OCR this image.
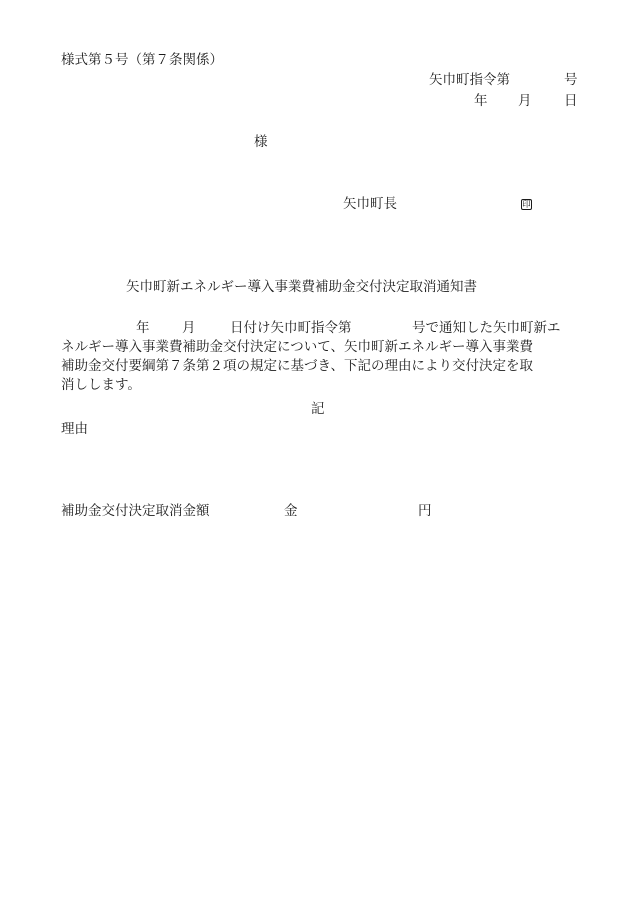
様式第５号（第７条関係）
矢巾町指令第	号
年 月 日
様
矢巾町長	印
矢巾町新エネルギー導入事業費補助金交付決定取消通知書
年 月	日付け矢巾町指令第	号で通知した矢巾町新エ
ネルギー導入事業費補助金交付決定について、矢巾町新エネルギー導入事業費
補助金交付要綱第７条第２項の規定に基づき、下記の理由により交付決定を取
消しします。
記
理由
補助金交付決定取消金額	金	円
